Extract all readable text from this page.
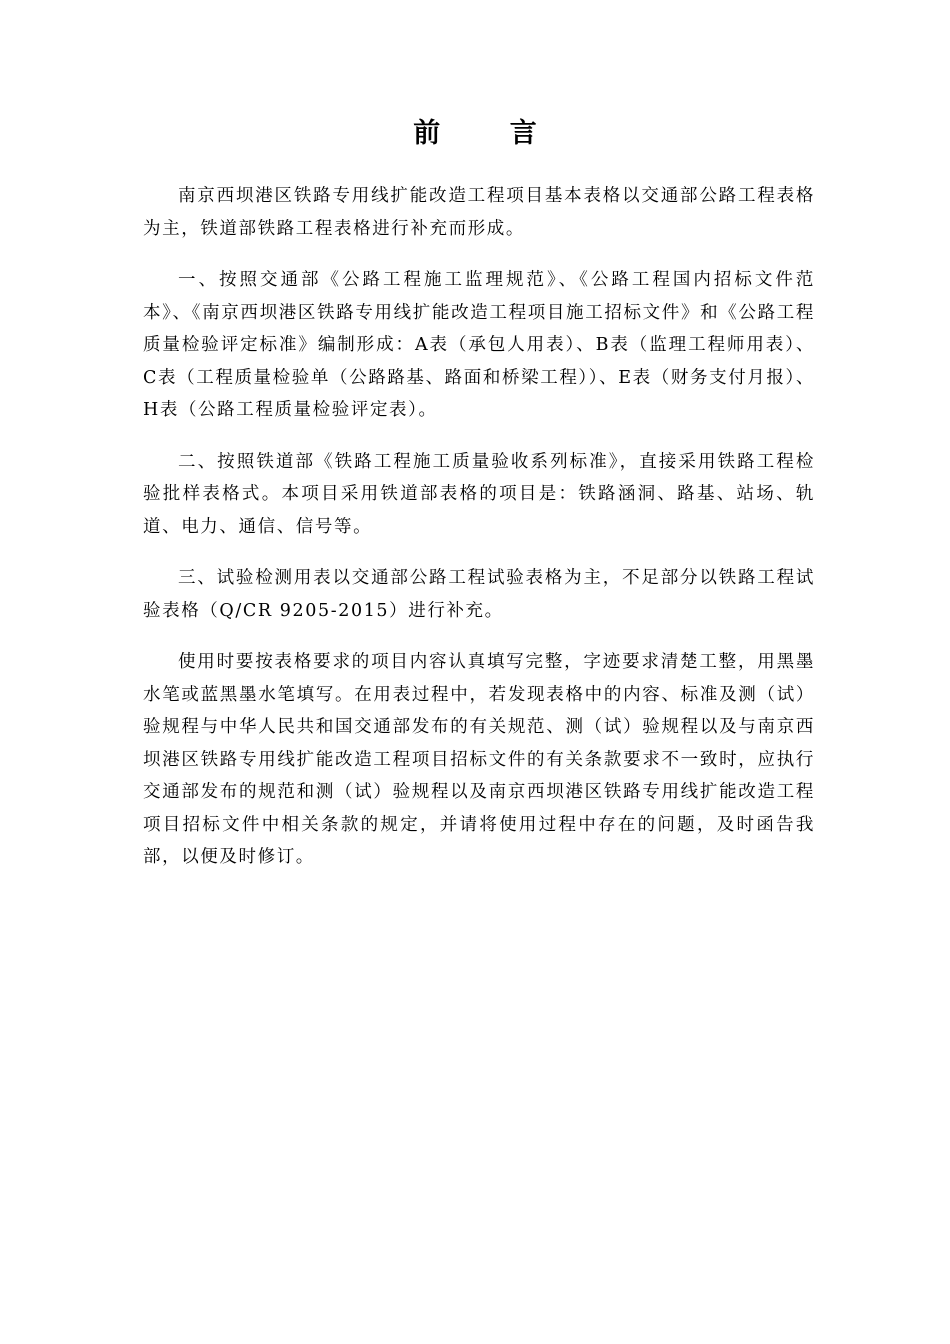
前 言

南京西坝港区铁路专用线扩能改造工程项目基本表格以交通部公路工程表格为主，铁道部铁路工程表格进行补充而形成。

一、按照交通部《公路工程施工监理规范》、《公路工程国内招标文件范本》、《南京西坝港区铁路专用线扩能改造工程项目施工招标文件》和《公路工程质量检验评定标准》编制形成：A表（承包人用表）、B表（监理工程师用表）、C表（工程质量检验单（公路路基、路面和桥梁工程））、E表（财务支付月报）、H表（公路工程质量检验评定表）。

二、按照铁道部《铁路工程施工质量验收系列标准》，直接采用铁路工程检验批样表格式。本项目采用铁道部表格的项目是：铁路涵洞、路基、站场、轨道、电力、通信、信号等。

三、试验检测用表以交通部公路工程试验表格为主，不足部分以铁路工程试验表格（Q/CR 9205-2015）进行补充。

使用时要按表格要求的项目内容认真填写完整，字迹要求清楚工整，用黑墨水笔或蓝黑墨水笔填写。在用表过程中，若发现表格中的内容、标准及测（试）验规程与中华人民共和国交通部发布的有关规范、测（试）验规程以及与南京西坝港区铁路专用线扩能改造工程项目招标文件的有关条款要求不一致时，应执行交通部发布的规范和测（试）验规程以及南京西坝港区铁路专用线扩能改造工程项目招标文件中相关条款的规定，并请将使用过程中存在的问题，及时函告我部，以便及时修订。
